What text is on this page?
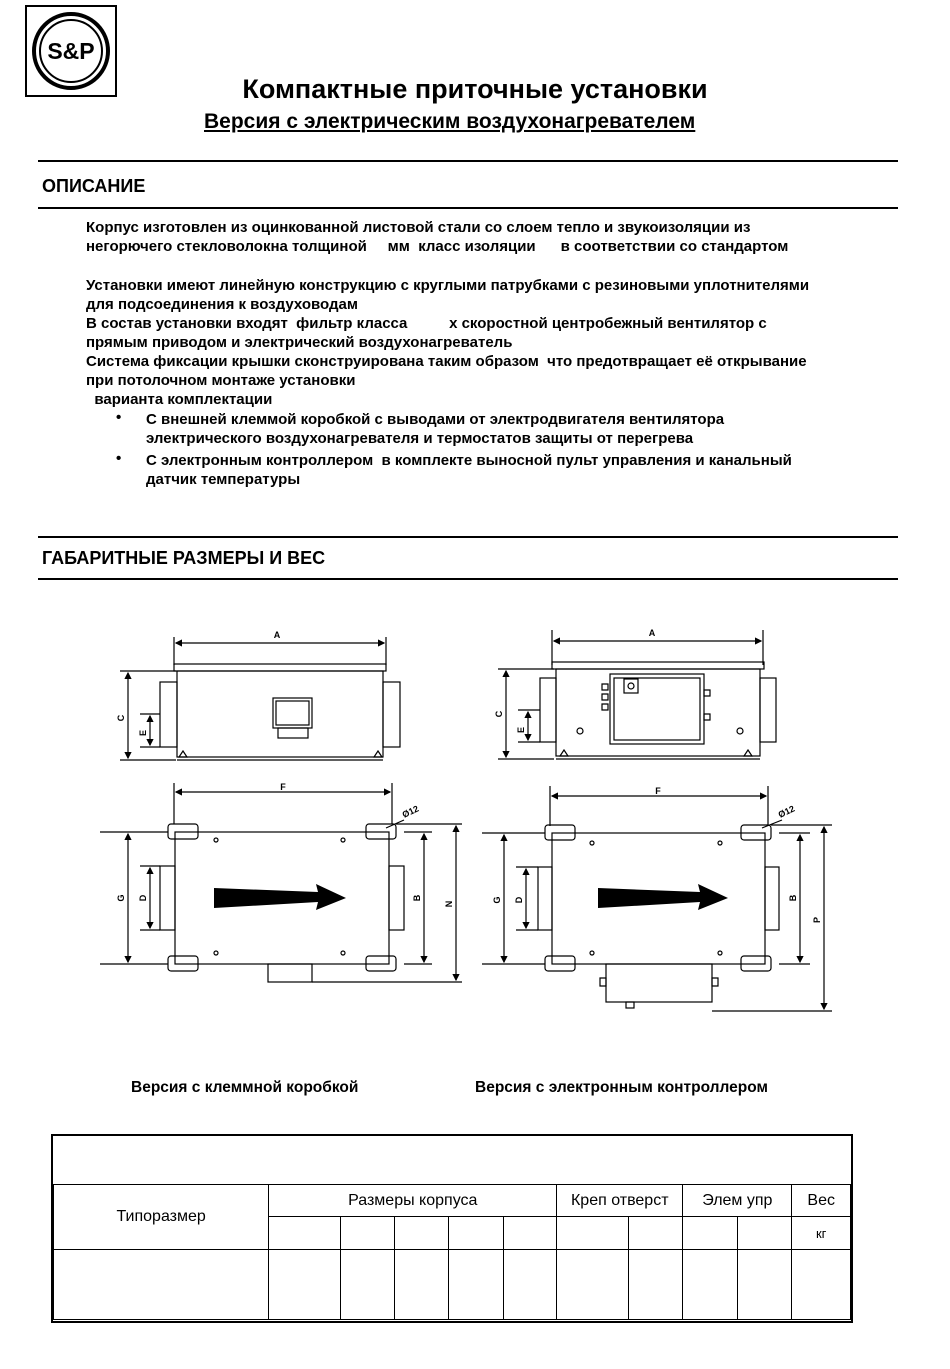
S&P
Компактные приточные установки
Версия с электрическим воздухонагревателем
ОПИСАНИЕ
Корпус изготовлен из оцинкованной листовой стали со слоем тепло и звукоизоляции из
негорючего стекловолокна толщиной     мм  класс изоляции      в соответствии со стандартом
Установки имеют линейную конструкцию с круглыми патрубками с резиновыми уплотнителями
для подсоединения к воздуховодам
В состав установки входят  фильтр класса          х скоростной центробежный вентилятор с
прямым приводом и электрический воздухонагреватель
Система фиксации крышки сконструирована таким образом  что предотвращает её открывание
при потолочном монтаже установки
варианта комплектации
• С внешней клеммой коробкой с выводами от электродвигателя вентилятора
электрического воздухонагревателя и термостатов защиты от перегрева
• С электронным контроллером  в комплекте выносной пульт управления и канальный
датчик температуры
ГАБАРИТНЫЕ РАЗМЕРЫ И ВЕС
A
C
E
A
C
E
F
Ø12
G D	B
N
F
Ø12
G D	B
P
Версия с клеммной коробкой	Версия с электронным контроллером
Типоразмер	Размеры корпуса					Креп отверст		Элем упр		Вес
										кг
